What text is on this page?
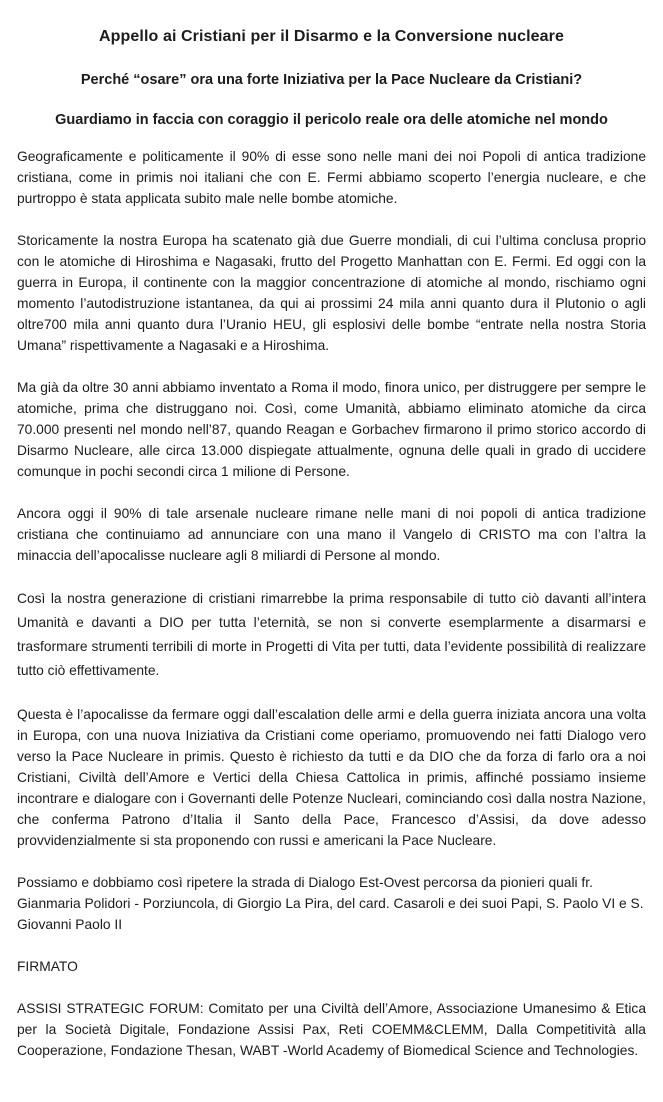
Appello ai Cristiani per il Disarmo e la Conversione nucleare
Perché “osare” ora una forte Iniziativa per la Pace Nucleare da Cristiani?
Guardiamo in faccia con coraggio il pericolo reale ora delle atomiche nel mondo

Geograficamente e politicamente il 90% di esse sono nelle mani dei noi Popoli di antica tradizione cristiana, come in primis noi italiani che con E. Fermi abbiamo scoperto l’energia nucleare, e che purtroppo è stata applicata subito male nelle bombe atomiche.

Storicamente la nostra Europa ha scatenato già due Guerre mondiali, di cui l’ultima conclusa proprio con le atomiche di Hiroshima e Nagasaki, frutto del Progetto Manhattan con E. Fermi. Ed oggi con la guerra in Europa, il continente con la maggior concentrazione di atomiche al mondo, rischiamo ogni momento l’autodistruzione istantanea, da qui ai prossimi 24 mila anni quanto dura il Plutonio o agli oltre700 mila anni quanto dura l’Uranio HEU, gli esplosivi delle bombe “entrate nella nostra Storia Umana” rispettivamente a Nagasaki e a Hiroshima.

Ma già da oltre 30 anni abbiamo inventato a Roma il modo, finora unico, per distruggere per sempre le atomiche, prima che distruggano noi. Così, come Umanità, abbiamo eliminato atomiche da circa 70.000 presenti nel mondo nell’87, quando Reagan e Gorbachev firmarono il primo storico accordo di Disarmo Nucleare, alle circa 13.000 dispiegate attualmente, ognuna delle quali in grado di uccidere comunque in pochi secondi circa 1 milione di Persone.

Ancora oggi il 90% di tale arsenale nucleare rimane nelle mani di noi popoli di antica tradizione cristiana che continuiamo ad annunciare con una mano il Vangelo di CRISTO ma con l’altra la minaccia dell’apocalisse nucleare agli 8 miliardi di Persone al mondo.

Così la nostra generazione di cristiani rimarrebbe la prima responsabile di tutto ciò davanti all’intera Umanità e davanti a DIO per tutta l’eternità, se non si converte esemplarmente a disarmarsi e trasformare strumenti terribili di morte in Progetti di Vita per tutti, data l’evidente possibilità di realizzare tutto ciò effettivamente.

Questa è l’apocalisse da fermare oggi dall’escalation delle armi e della guerra iniziata ancora una volta in Europa, con una nuova Iniziativa da Cristiani come operiamo, promuovendo nei fatti Dialogo vero verso la Pace Nucleare in primis. Questo è richiesto da tutti e da DIO che da forza di farlo ora a noi Cristiani, Civiltà dell’Amore e Vertici della Chiesa Cattolica in primis, affinché possiamo insieme incontrare e dialogare con i Governanti delle Potenze Nucleari, cominciando così dalla nostra Nazione, che conferma Patrono d’Italia il Santo della Pace, Francesco d’Assisi, da dove adesso provvidenzialmente si sta proponendo con russi e americani la Pace Nucleare.

Possiamo e dobbiamo così ripetere la strada di Dialogo Est-Ovest percorsa da pionieri quali fr. Gianmaria Polidori - Porziuncola, di Giorgio La Pira, del card. Casaroli e dei suoi Papi, S. Paolo VI e S. Giovanni Paolo II

FIRMATO

ASSISI STRATEGIC FORUM: Comitato per una Civiltà dell’Amore, Associazione Umanesimo & Etica per la Società Digitale, Fondazione Assisi Pax, Reti COEMM&CLEMM, Dalla Competitività alla Cooperazione, Fondazione Thesan, WABT -World Academy of Biomedical Science and Technologies.
